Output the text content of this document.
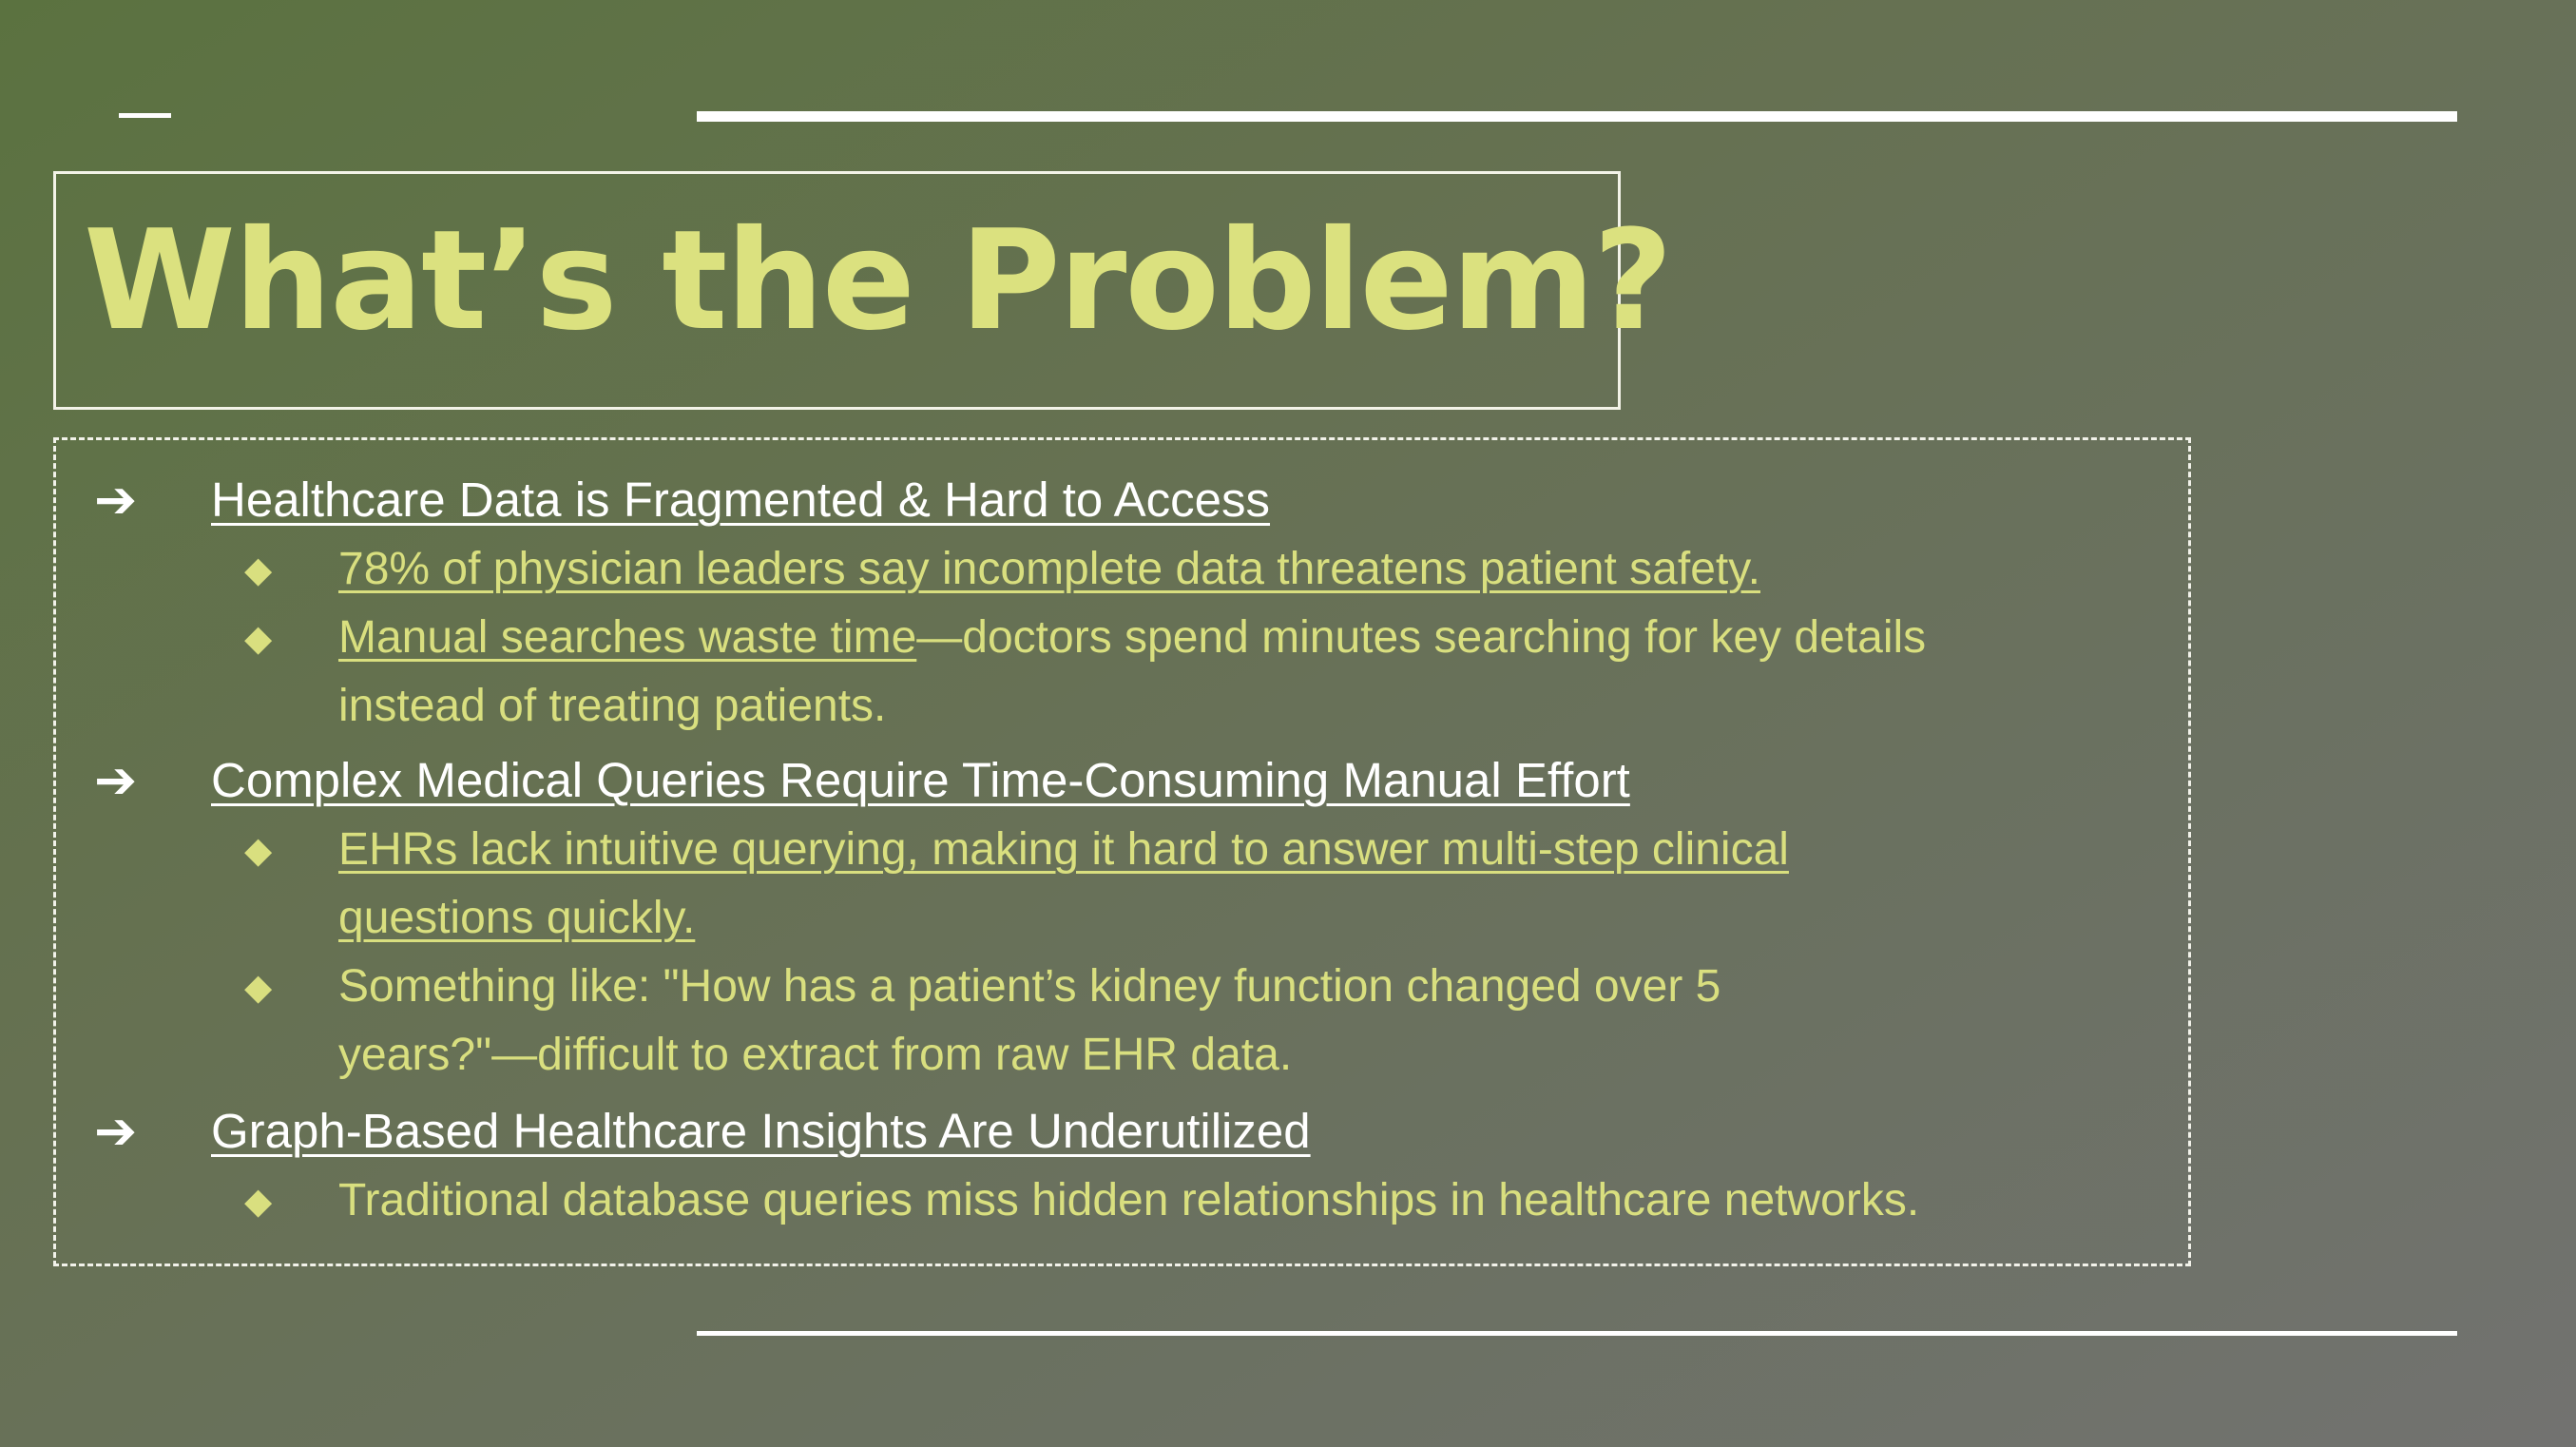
What’s the Problem?
➔ Healthcare Data is Fragmented & Hard to Access

◆ 78% of physician leaders say incomplete data threatens patient safety.

◆ Manual searches waste time—doctors spend minutes searching for key details
instead of treating patients.

➔ Complex Medical Queries Require Time-Consuming Manual Effort

◆ EHRs lack intuitive querying, making it hard to answer multi-step clinical
questions quickly.

◆ Something like: "How has a patient’s kidney function changed over 5
years?"—difficult to extract from raw EHR data.

➔ Graph-Based Healthcare Insights Are Underutilized

◆ Traditional database queries miss hidden relationships in healthcare networks.
